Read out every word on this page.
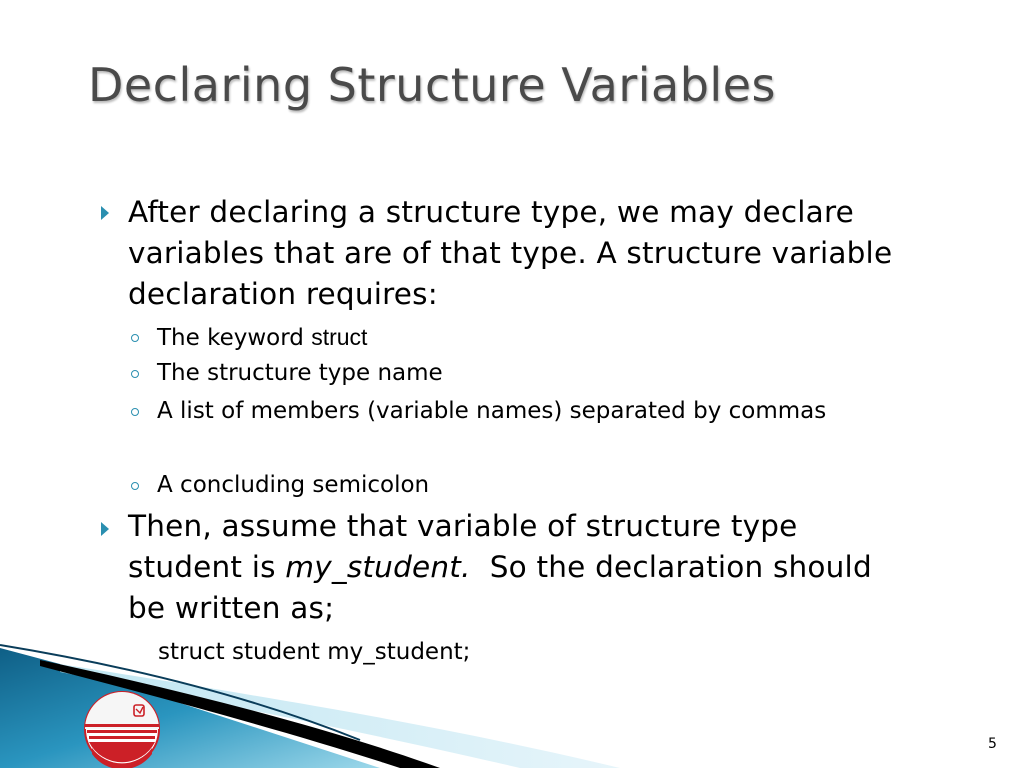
Declaring Structure Variables
After declaring a structure type, we may declare variables that are of that type. A structure variable declaration requires:
The keyword struct
The structure type name
A list of members (variable names) separated by commas
A concluding semicolon
Then, assume that variable of structure type student is my_student.  So the declaration should be written as;
struct student my_student;
5
